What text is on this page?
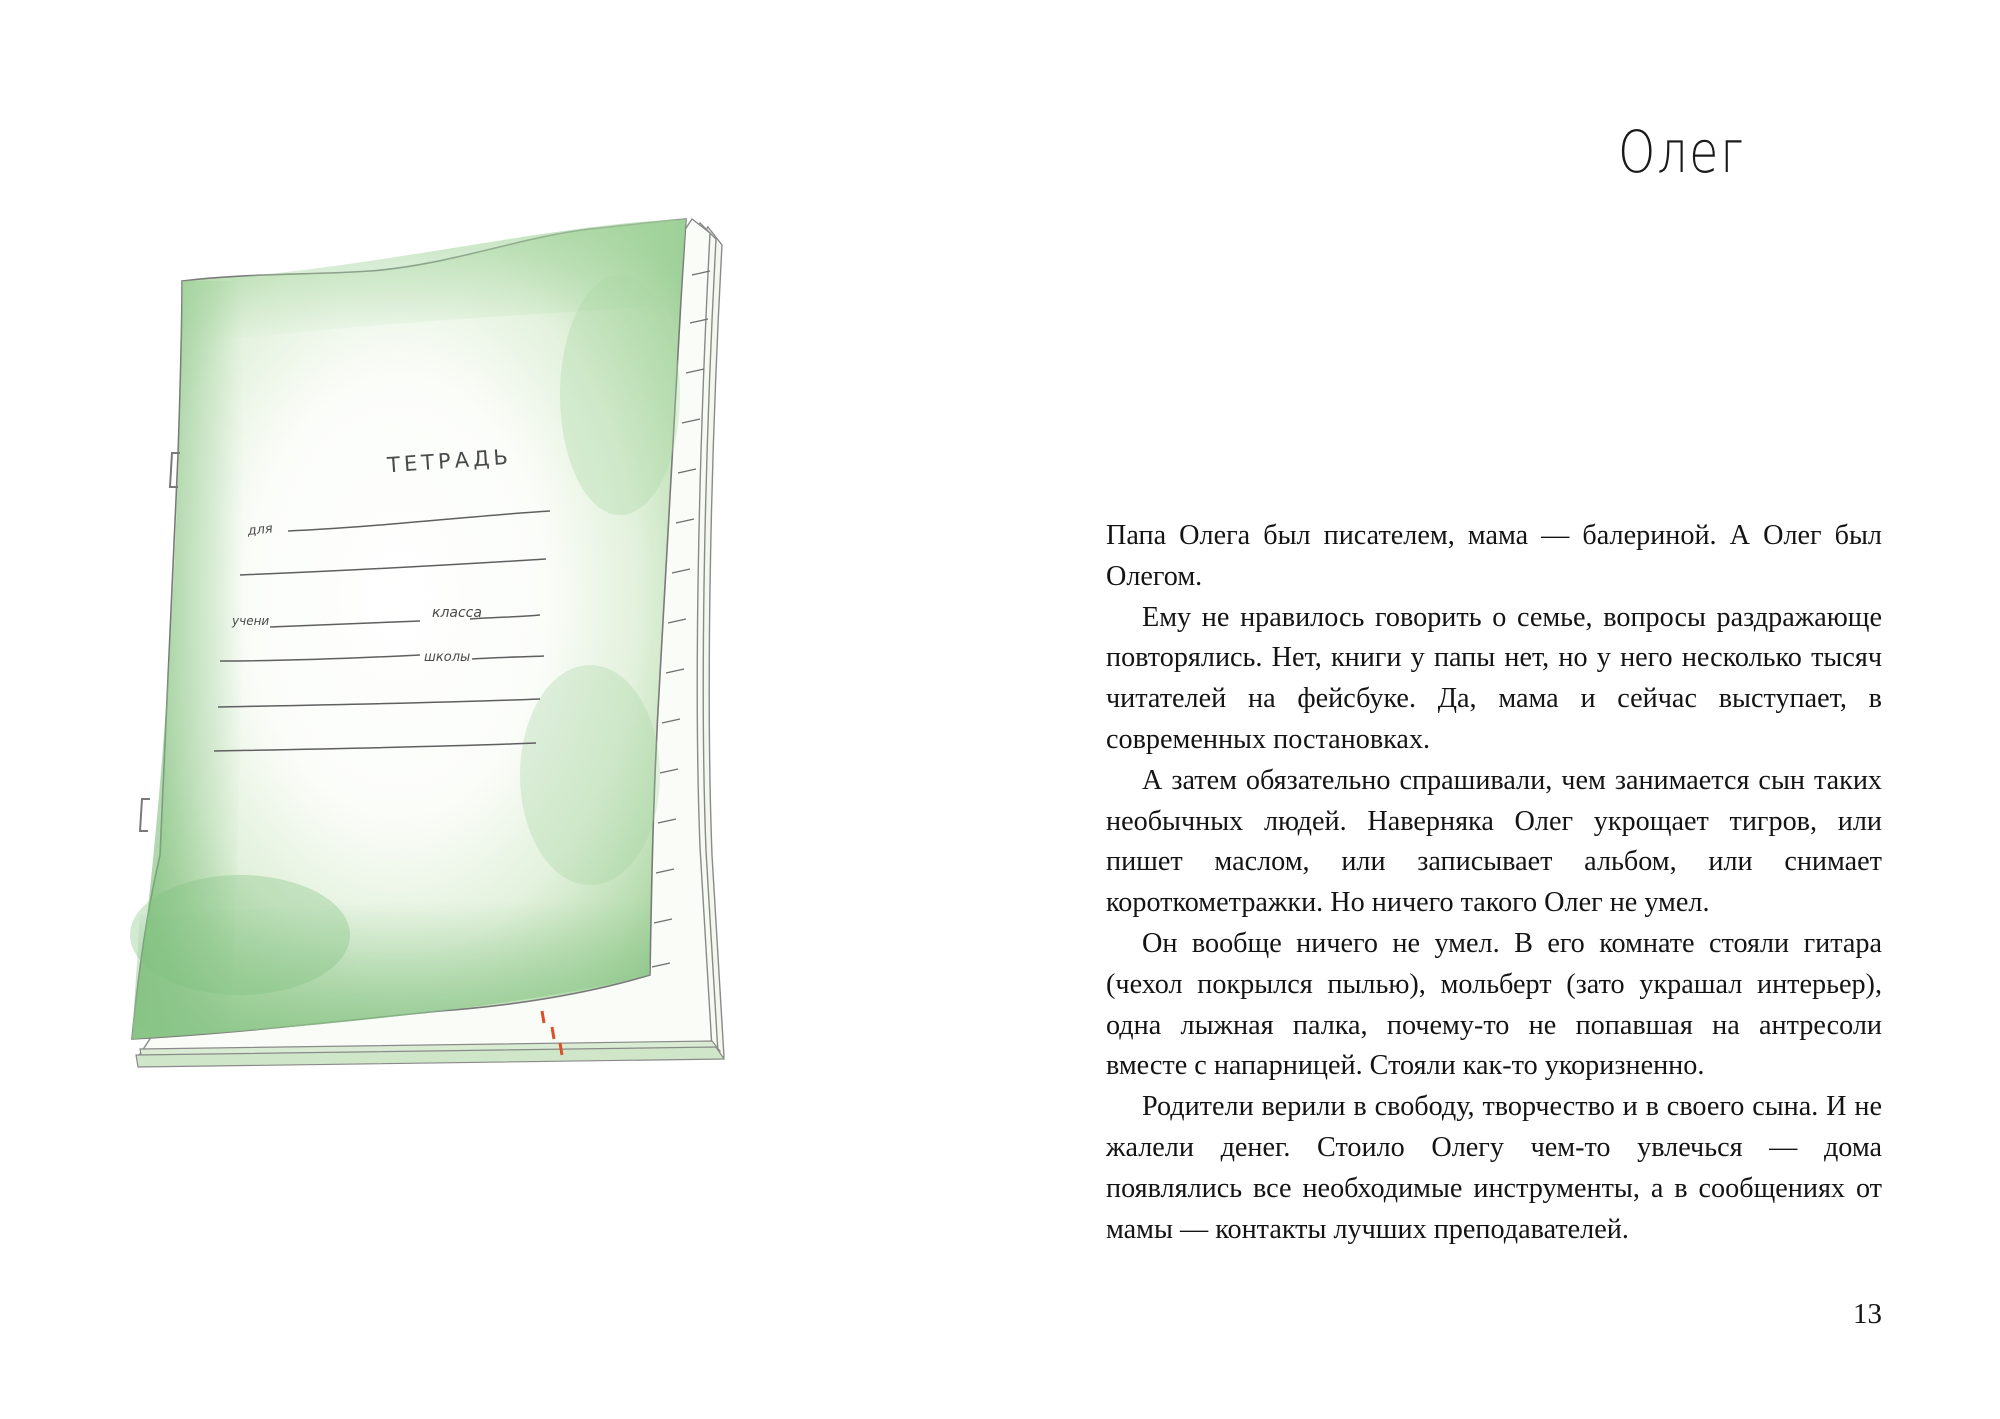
ТЕТРАДЬ
для
учени	класса
школы
Олег

Папа Олега был писателем, мама — балериной. А Олег был Олегом.

Ему не нравилось говорить о семье, вопросы раздражающе повторялись. Нет, книги у папы нет, но у него несколько тысяч читателей на фейсбуке. Да, мама и сейчас выступает, в современных постановках.

А затем обязательно спрашивали, чем занимается сын таких необычных людей. Наверняка Олег укрощает тигров, или пишет маслом, или записывает альбом, или снимает короткометражки. Но ничего такого Олег не умел.

Он вообще ничего не умел. В его комнате стояли гитара (чехол покрылся пылью), мольберт (зато украшал интерьер), одна лыжная палка, почему-то не попавшая на антресоли вместе с напарницей. Стояли как-то укоризненно.

Родители верили в свободу, творчество и в своего сына. И не жалели денег. Стоило Олегу чем-то увлечься — дома появлялись все необходимые инструменты, а в сообщениях от мамы — контакты лучших преподавателей.

13
